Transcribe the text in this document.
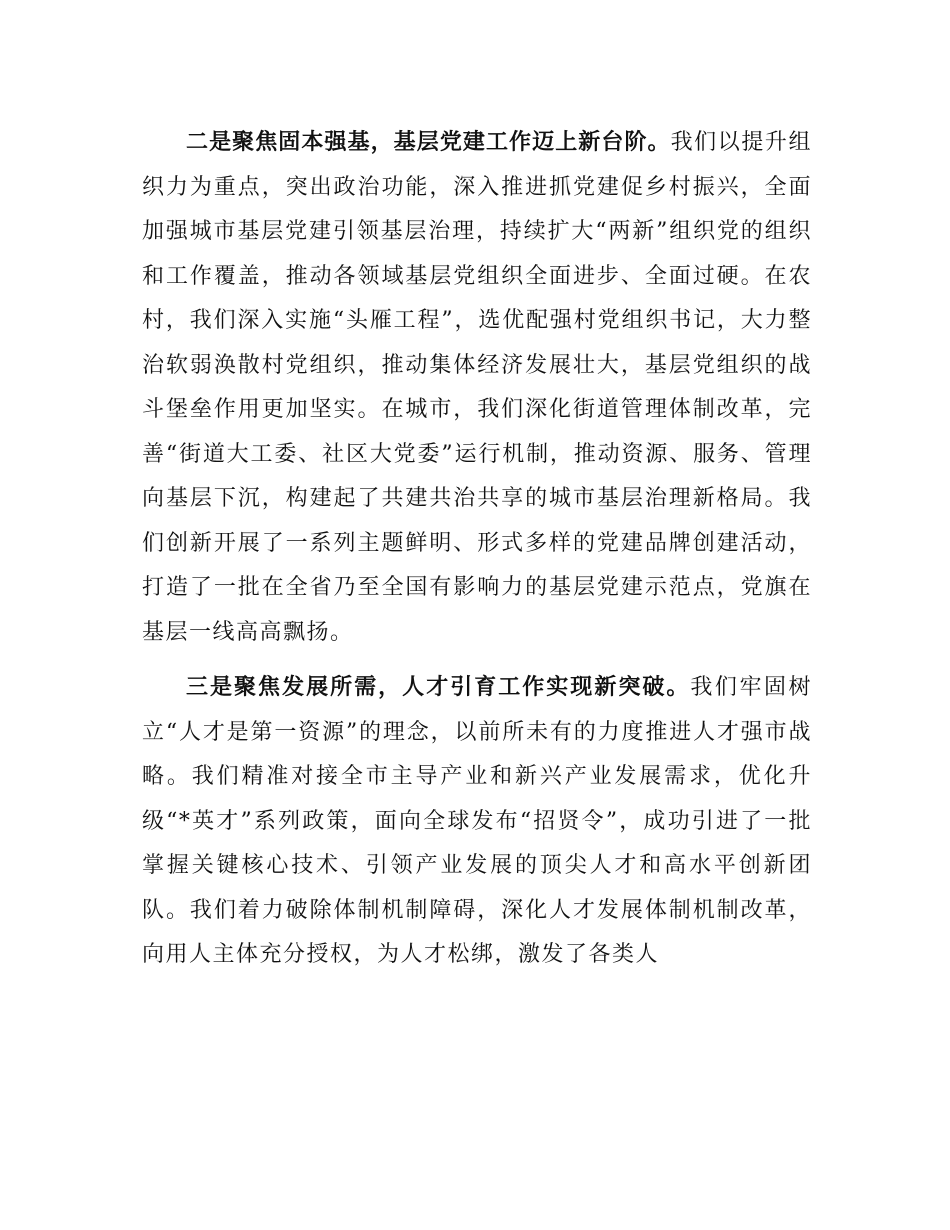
二是聚焦固本强基，基层党建工作迈上新台阶。我们以提升组织力为重点，突出政治功能，深入推进抓党建促乡村振兴，全面加强城市基层党建引领基层治理，持续扩大“两新”组织党的组织和工作覆盖，推动各领域基层党组织全面进步、全面过硬。在农村，我们深入实施“头雁工程”，选优配强村党组织书记，大力整治软弱涣散村党组织，推动集体经济发展壮大，基层党组织的战斗堡垒作用更加坚实。在城市，我们深化街道管理体制改革，完善“街道大工委、社区大党委”运行机制，推动资源、服务、管理向基层下沉，构建起了共建共治共享的城市基层治理新格局。我们创新开展了一系列主题鲜明、形式多样的党建品牌创建活动，打造了一批在全省乃至全国有影响力的基层党建示范点，党旗在基层一线高高飘扬。

三是聚焦发展所需，人才引育工作实现新突破。我们牢固树立“人才是第一资源”的理念，以前所未有的力度推进人才强市战略。我们精准对接全市主导产业和新兴产业发展需求，优化升级“*英才”系列政策，面向全球发布“招贤令”，成功引进了一批掌握关键核心技术、引领产业发展的顶尖人才和高水平创新团队。我们着力破除体制机制障碍，深化人才发展体制机制改革，向用人主体充分授权，为人才松绑，激发了各类人
